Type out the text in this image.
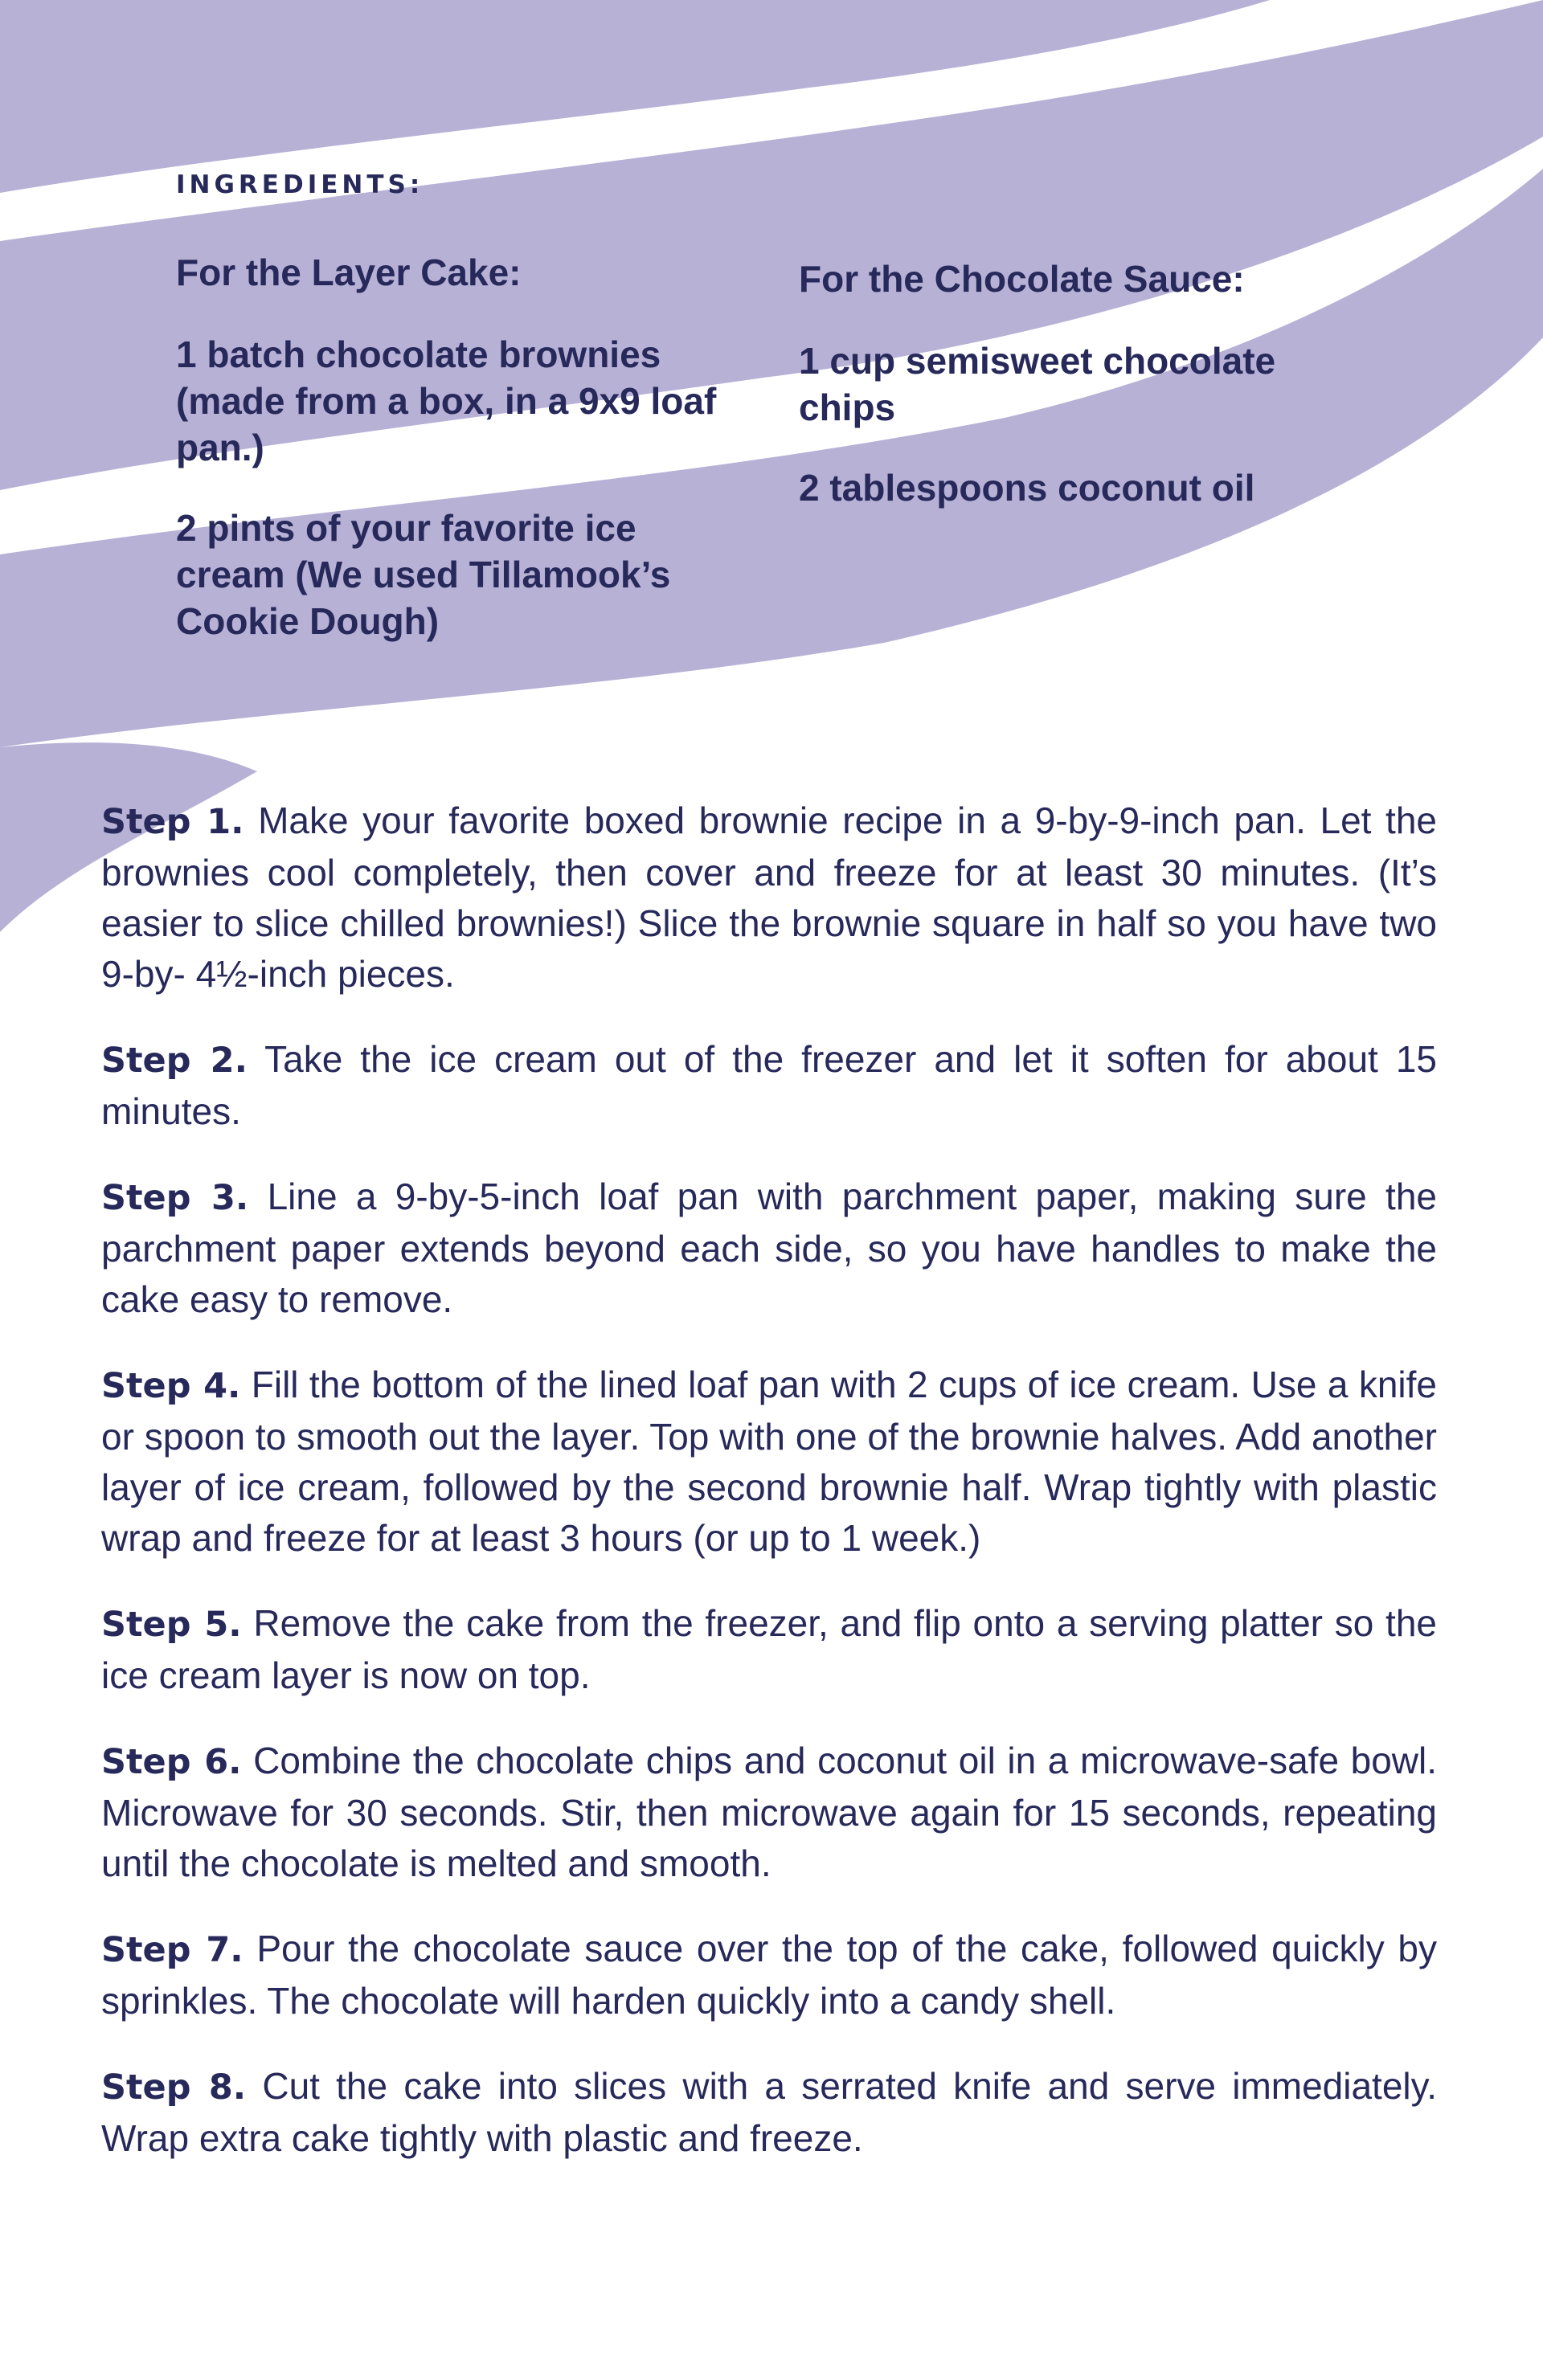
INGREDIENTS:
For the Layer Cake:
1 batch chocolate brownies (made from a box, in a 9x9 loaf pan.)
2 pints of your favorite ice cream (We used Tillamook’s Cookie Dough)
For the Chocolate Sauce:
1 cup semisweet chocolate chips
2 tablespoons coconut oil

Step 1. Make your favorite boxed brownie recipe in a 9-by-9-inch pan. Let the brownies cool completely, then cover and freeze for at least 30 minutes. (It’s easier to slice chilled brownies!) Slice the brownie square in half so you have two 9-by- 4½-inch pieces.

Step 2. Take the ice cream out of the freezer and let it soften for about 15 minutes.

Step 3. Line a 9-by-5-inch loaf pan with parchment paper, making sure the parchment paper extends beyond each side, so you have handles to make the cake easy to remove.

Step 4. Fill the bottom of the lined loaf pan with 2 cups of ice cream. Use a knife or spoon to smooth out the layer. Top with one of the brownie halves. Add another layer of ice cream, followed by the second brownie half. Wrap tightly with plastic wrap and freeze for at least 3 hours (or up to 1 week.)

Step 5. Remove the cake from the freezer, and flip onto a serving platter so the ice cream layer is now on top.

Step 6. Combine the chocolate chips and coconut oil in a microwave-safe bowl. Microwave for 30 seconds. Stir, then microwave again for 15 seconds, repeating until the chocolate is melted and smooth.

Step 7. Pour the chocolate sauce over the top of the cake, followed quickly by sprinkles. The chocolate will harden quickly into a candy shell.

Step 8. Cut the cake into slices with a serrated knife and serve immediately. Wrap extra cake tightly with plastic and freeze.
